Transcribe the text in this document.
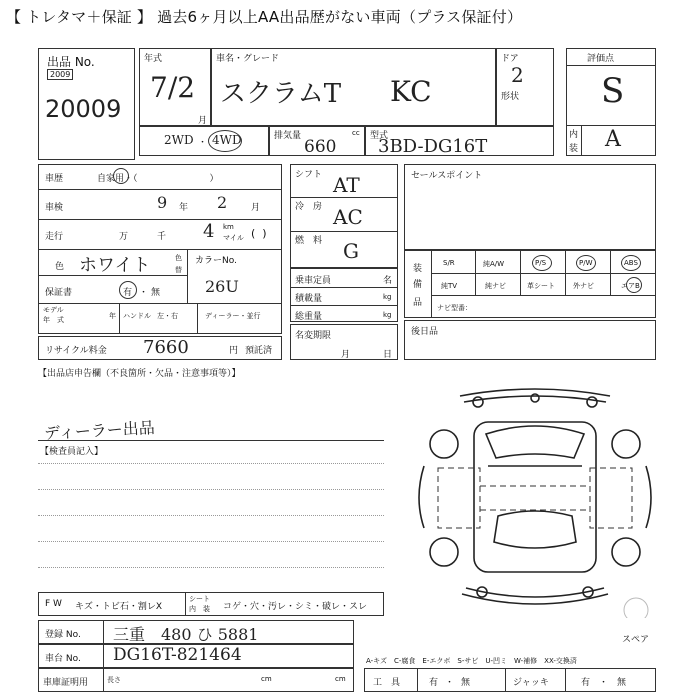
【 トレタマ＋保証 】 過去6ヶ月以上AA出品歴がない車両（プラス保証付）
出品 No.
2009
20009
年式
7/2
月
車名・グレード
スクラムT KC
ドア
2
形状
評価点
S
内
装 A
2WD ・ 4WD	排気量	cc
660
型式
3BD-DG16T
車歴	自家用・（　　　　　　　　）
車検	9 年 2	月
走行	万	千 4 km
マイル (  )
色 ホワイト	色
替
カラーNo.
26U
保証書	有 ・ 無
モデル
年　式	年 ハンドル 左・右	ディーラー・並行
リサイクル料金 7660	円 預託済
シフト AT
冷　房 AC
燃　料 G
乗車定員	名
積載量	kg
総重量	kg
名変期限
月	日
セールスポイント
装
備
品
S/R	純A/W	P/S	P/W	ABS
純TV	純ナビ	革シート	外ナビ	エアB
ナビ型番：
後日品
【出品店申告欄（不良箇所・欠品・注意事項等）】
ディーラー出品
【検査員記入】
F W キズ・トビ石・割レX
シート
内　装 コゲ・穴・汚レ・シミ・破レ・スレ
登録 No. 三重　480 ひ 5881
車台 No. DG16T-821464
車庫証明用	長さ	cm	cm
スペア
A-キズ　C-腐食　E-エクボ　S-サビ　U-凹ミ　W-補修　XX-交換済
工　具	有 ・ 無	ジャッキ	有 ・ 無
